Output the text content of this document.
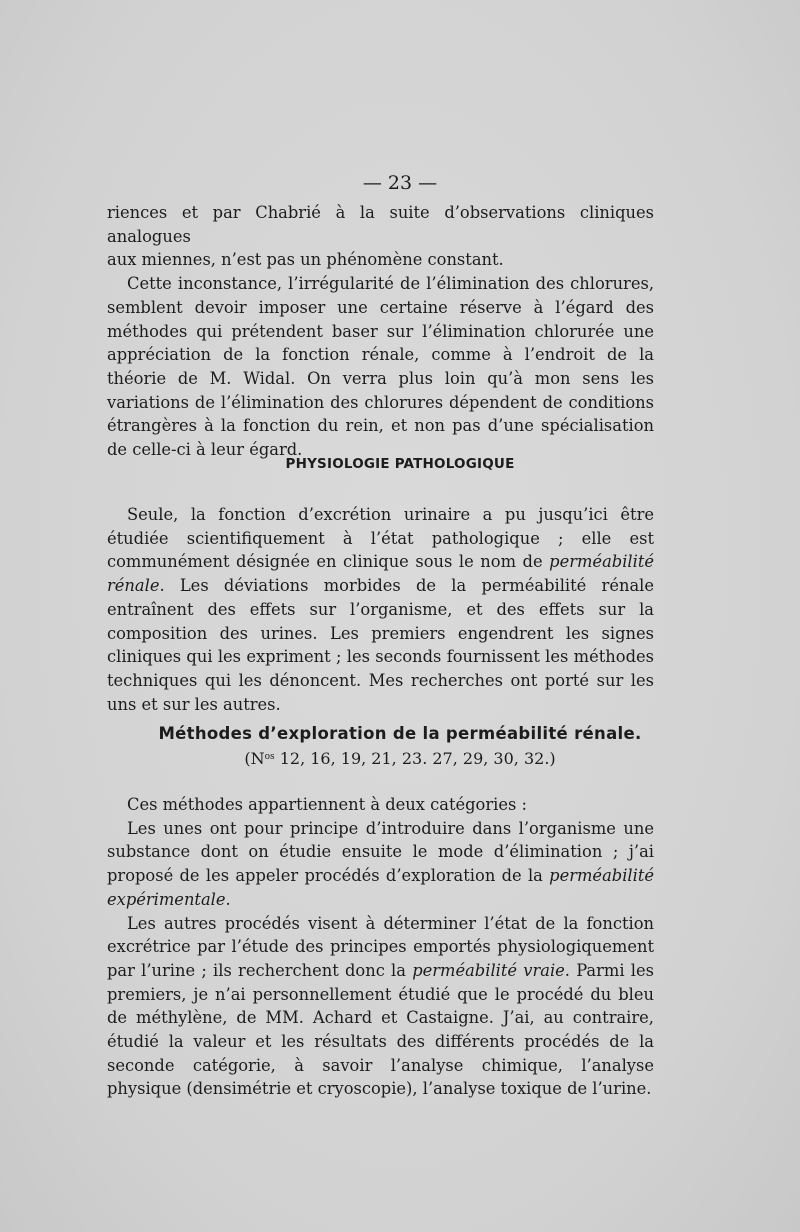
— 23 —

riences et par Chabrié à la suite d’observations cliniques analogues

aux miennes, n’est pas un phénomène constant.

Cette inconstance, l’irrégularité de l’élimination des chlorures, semblent devoir imposer une certaine réserve à l’égard des méthodes qui prétendent baser sur l’élimination chlorurée une appréciation de la fonction rénale, comme à l’endroit de la théorie de M. Widal. On verra plus loin qu’à mon sens les variations de l’élimination des chlorures dépendent de conditions étrangères à la fonction du rein, et non pas d’une spécialisation de celle-ci à leur égard.

PHYSIOLOGIE PATHOLOGIQUE

Seule, la fonction d’excrétion urinaire a pu jusqu’ici être étudiée scientifiquement à l’état pathologique ; elle est communément désignée en clinique sous le nom de perméabilité rénale. Les déviations morbides de la perméabilité rénale entraînent des effets sur l’organisme, et des effets sur la composition des urines. Les premiers engendrent les signes cliniques qui les expriment ; les seconds fournissent les méthodes techniques qui les dénoncent. Mes recherches ont porté sur les uns et sur les autres.

Méthodes d’exploration de la perméabilité rénale.
($N^{os}$ 12, 16, 19, 21, 23. 27, 29, 30, 32.)

Ces méthodes appartiennent à deux catégories :

Les unes ont pour principe d’introduire dans l’organisme une substance dont on étudie ensuite le mode d’élimination ; j’ai proposé de les appeler procédés d’exploration de la perméabilité expérimentale.

Les autres procédés visent à déterminer l’état de la fonction excrétrice par l’étude des principes emportés physiologiquement par l’urine ; ils recherchent donc la perméabilité vraie. Parmi les premiers, je n’ai personnellement étudié que le procédé du bleu de méthylène, de MM. Achard et Castaigne. J’ai, au contraire, étudié la valeur et les résultats des différents procédés de la seconde catégorie, à savoir l’analyse chimique, l’analyse physique (densimétrie et cryoscopie), l’analyse toxique de l’urine.
